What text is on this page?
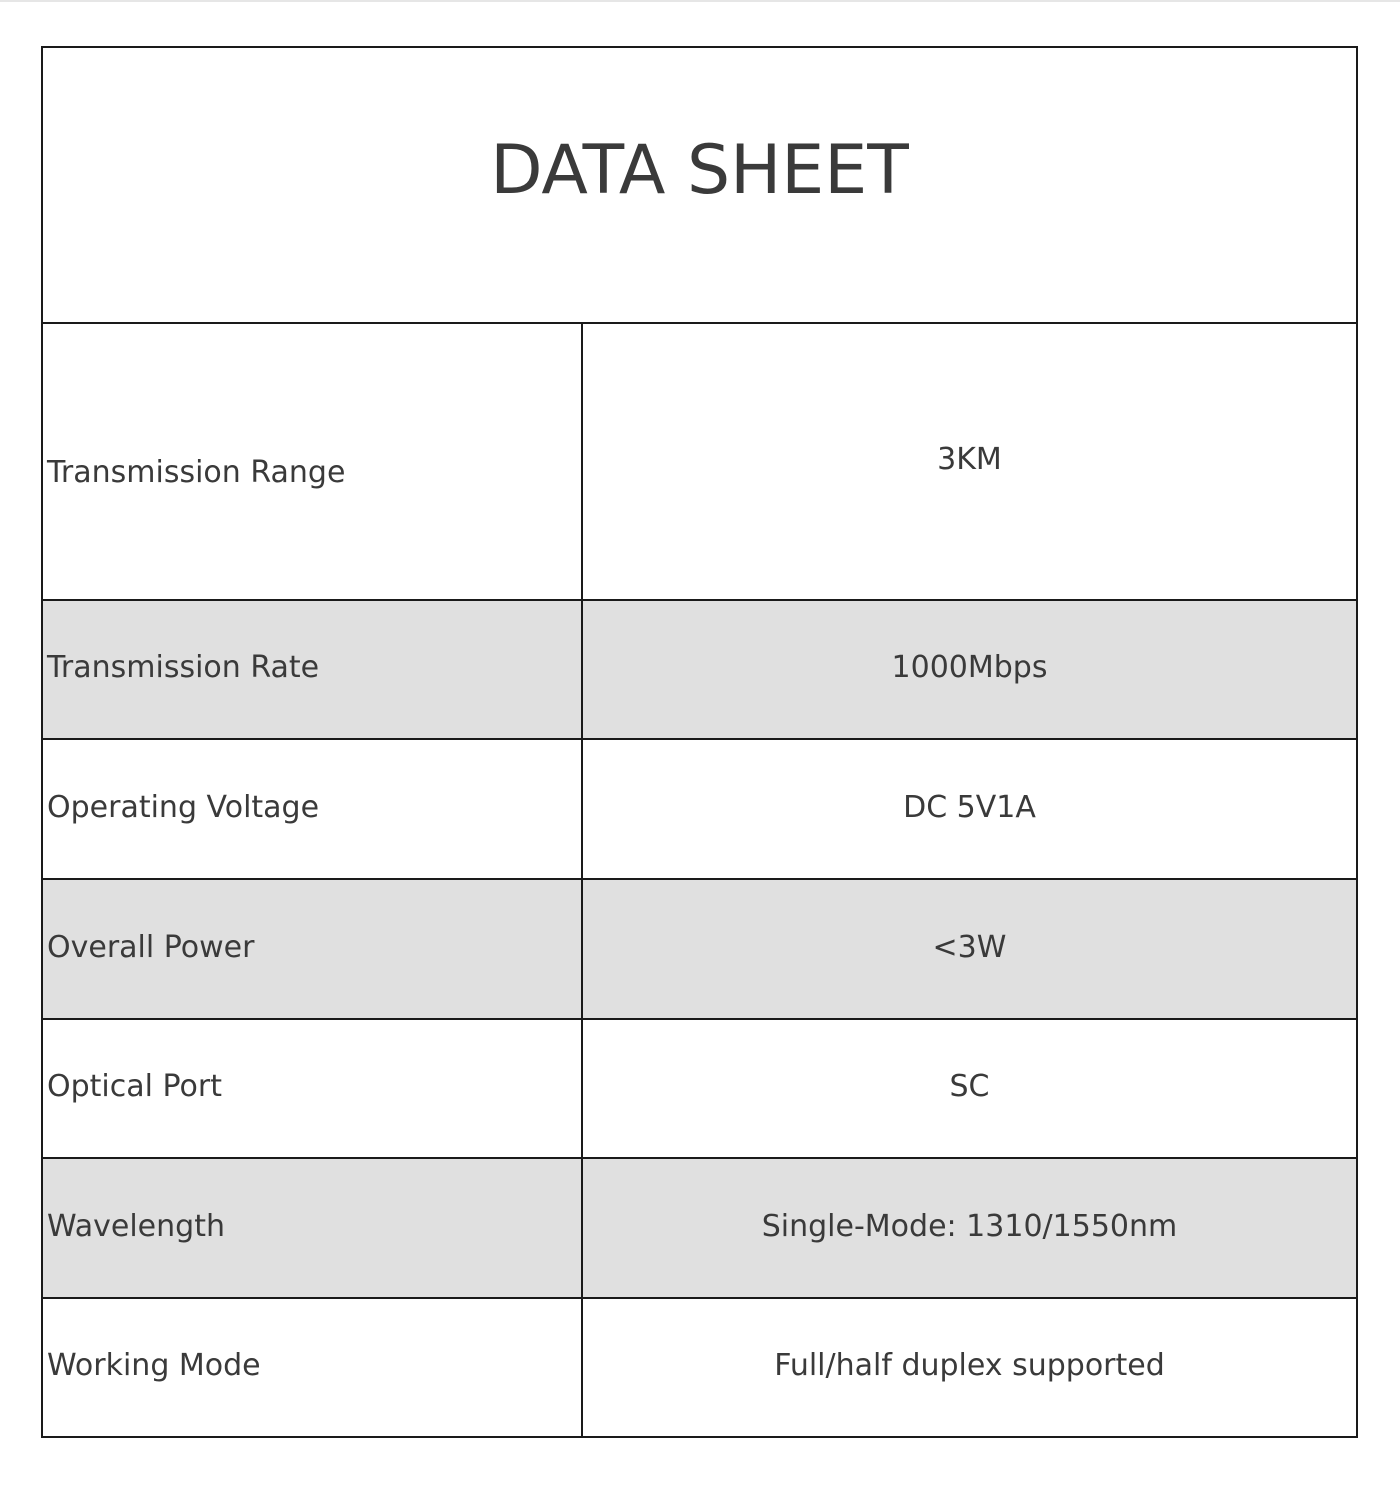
DATA SHEET	
Transmission Range	3KM
Transmission Rate	1000Mbps
Operating Voltage	DC 5V1A
Overall Power	<3W
Optical Port	SC
Wavelength	Single-Mode: 1310/1550nm
Working Mode	Full/half duplex supported
